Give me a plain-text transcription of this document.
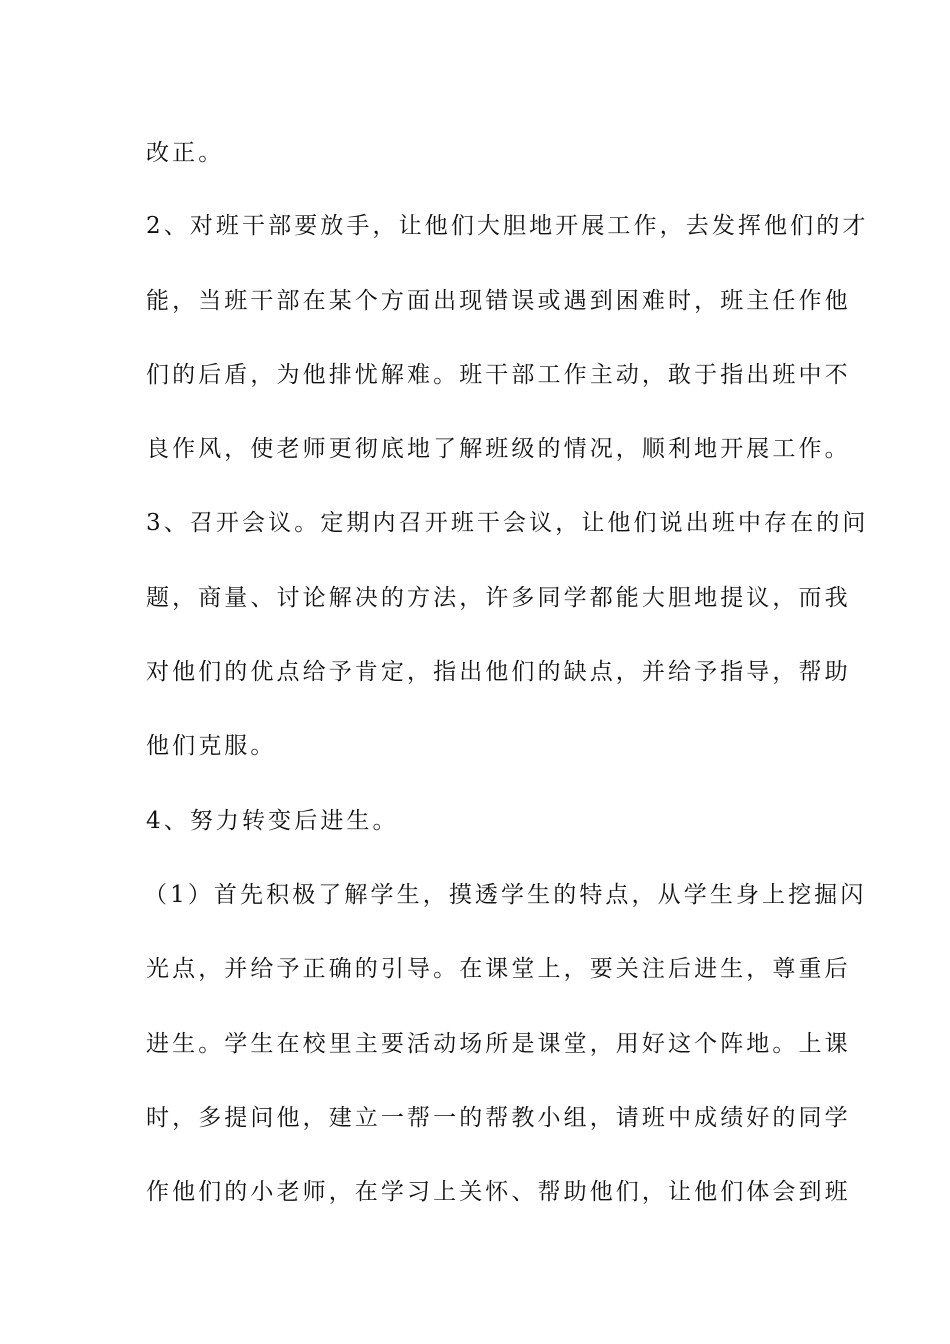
改正。
2、对班干部要放手，让他们大胆地开展工作，去发挥他们的才
能，当班干部在某个方面出现错误或遇到困难时，班主任作他
们的后盾，为他排忧解难。班干部工作主动，敢于指出班中不
良作风，使老师更彻底地了解班级的情况，顺利地开展工作。
3、召开会议。定期内召开班干会议，让他们说出班中存在的问
题，商量、讨论解决的方法，许多同学都能大胆地提议，而我
对他们的优点给予肯定，指出他们的缺点，并给予指导，帮助
他们克服。
4、努力转变后进生。
（1）首先积极了解学生，摸透学生的特点，从学生身上挖掘闪
光点，并给予正确的引导。在课堂上，要关注后进生，尊重后
进生。学生在校里主要活动场所是课堂，用好这个阵地。上课
时，多提问他，建立一帮一的帮教小组，请班中成绩好的同学
作他们的小老师，在学习上关怀、帮助他们，让他们体会到班
